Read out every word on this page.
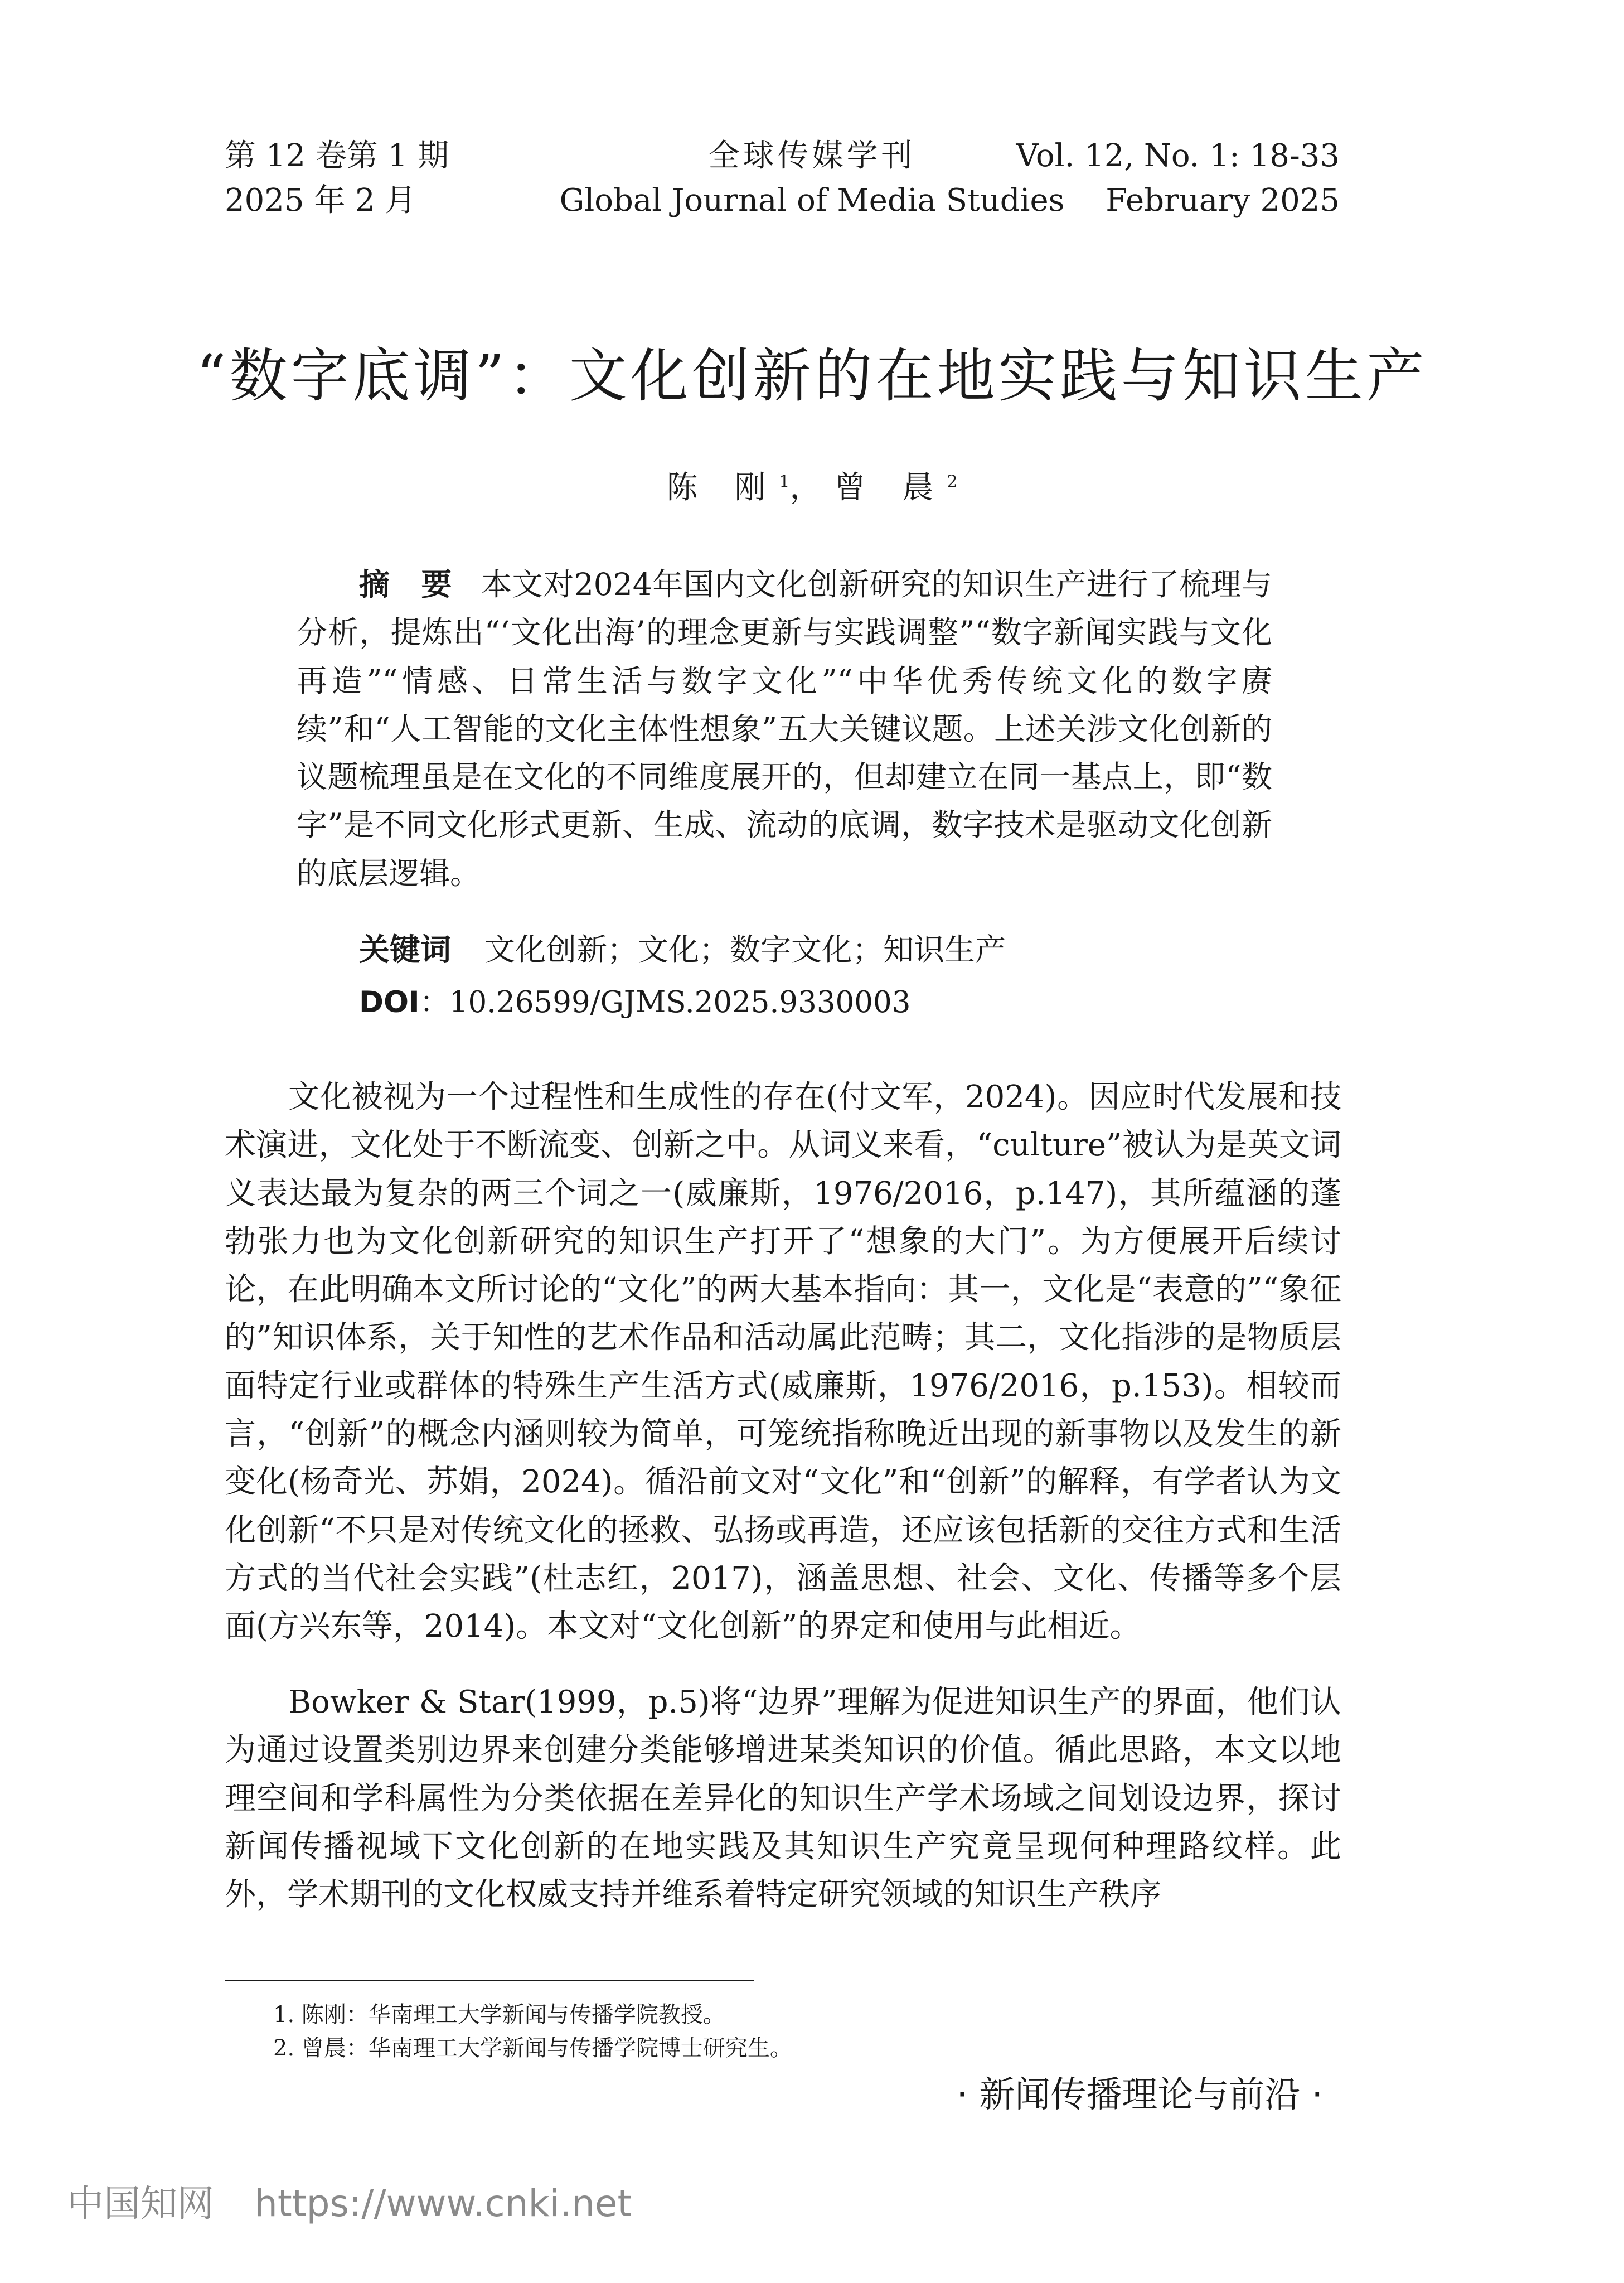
第 12 卷第 1 期
2025 年 2 月
全球传媒学刊
Global Journal of Media Studies
Vol. 12, No. 1: 18-33
February 2025
“数字底调”：文化创新的在地实践与知识生产
陈 刚$^1$，曾 晨$^2$
摘 要 本文对2024年国内文化创新研究的知识生产进行了梳理与分析，提炼出“‘文化出海’的理念更新与实践调整”“数字新闻实践与文化再造”“情感、日常生活与数字文化”“中华优秀传统文化的数字赓续”和“人工智能的文化主体性想象”五大关键议题。上述关涉文化创新的议题梳理虽是在文化的不同维度展开的，但却建立在同一基点上，即“数字”是不同文化形式更新、生成、流动的底调，数字技术是驱动文化创新的底层逻辑。
关键词 文化创新；文化；数字文化；知识生产
DOI：10.26599/GJMS.2025.9330003
文化被视为一个过程性和生成性的存在(付文军，2024)。因应时代发展和技术演进，文化处于不断流变、创新之中。从词义来看，“culture”被认为是英文词义表达最为复杂的两三个词之一(威廉斯，1976/2016，p.147)，其所蕴涵的蓬勃张力也为文化创新研究的知识生产打开了“想象的大门”。为方便展开后续讨论，在此明确本文所讨论的“文化”的两大基本指向：其一，文化是“表意的”“象征的”知识体系，关于知性的艺术作品和活动属此范畴；其二，文化指涉的是物质层面特定行业或群体的特殊生产生活方式(威廉斯，1976/2016，p.153)。相较而言，“创新”的概念内涵则较为简单，可笼统指称晚近出现的新事物以及发生的新变化(杨奇光、苏娟，2024)。循沿前文对“文化”和“创新”的解释，有学者认为文化创新“不只是对传统文化的拯救、弘扬或再造，还应该包括新的交往方式和生活方式的当代社会实践”(杜志红，2017)，涵盖思想、社会、文化、传播等多个层面(方兴东等，2014)。本文对“文化创新”的界定和使用与此相近。
Bowker & Star(1999，p.5)将“边界”理解为促进知识生产的界面，他们认为通过设置类别边界来创建分类能够增进某类知识的价值。循此思路，本文以地理空间和学科属性为分类依据在差异化的知识生产学术场域之间划设边界，探讨新闻传播视域下文化创新的在地实践及其知识生产究竟呈现何种理路纹样。此外，学术期刊的文化权威支持并维系着特定研究领域的知识生产秩序
1. 陈刚：华南理工大学新闻与传播学院教授。
2. 曾晨：华南理工大学新闻与传播学院博士研究生。
· 新闻传播理论与前沿 ·
中国知网 https://www.cnki.net
